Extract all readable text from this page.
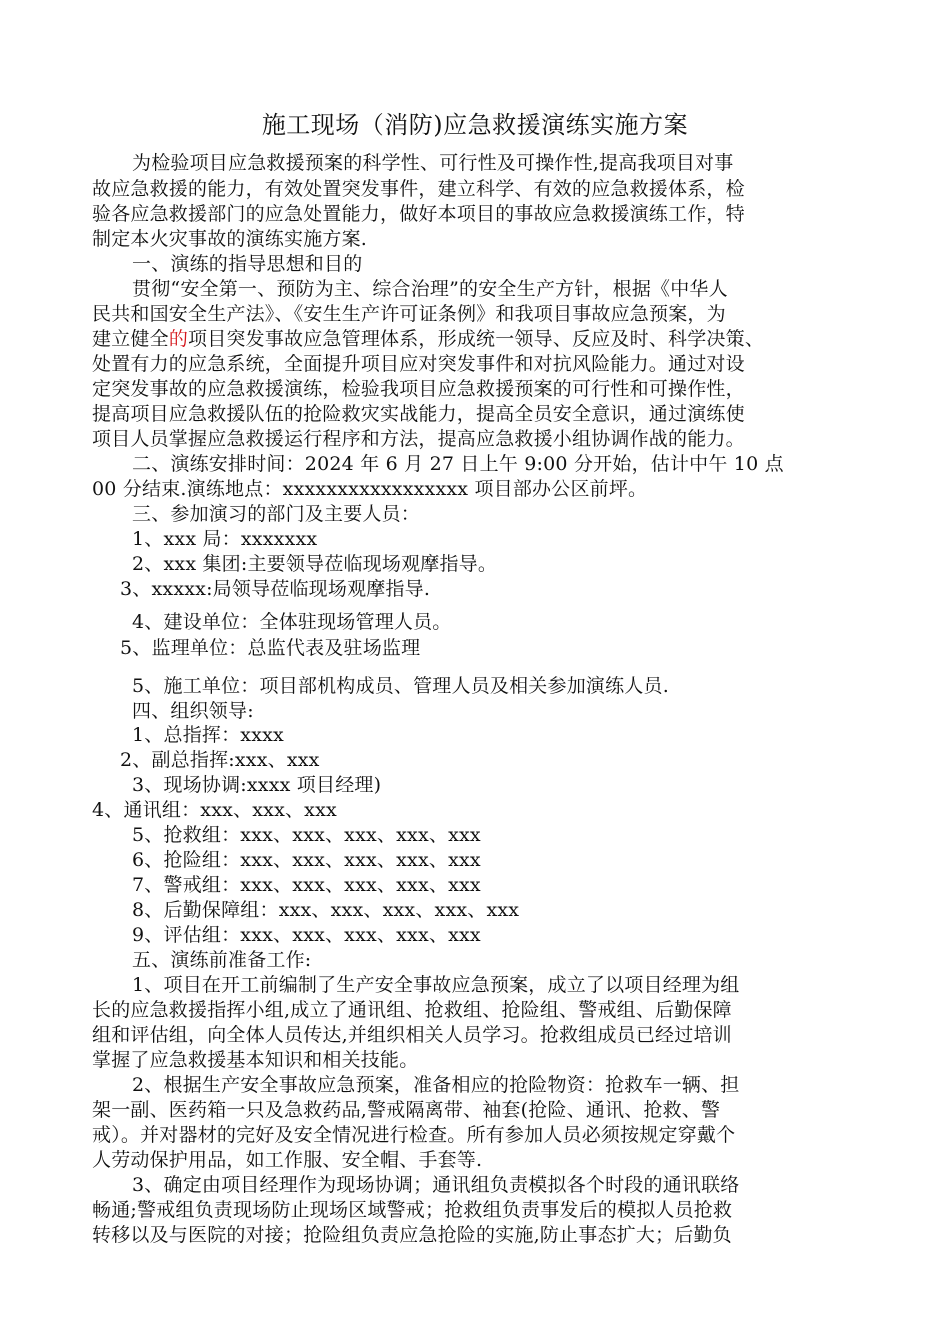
施工现场（消防)应急救援演练实施方案
为检验项目应急救援预案的科学性、可行性及可操作性,提高我项目对事
故应急救援的能力，有效处置突发事件，建立科学、有效的应急救援体系，检
验各应急救援部门的应急处置能力，做好本项目的事故应急救援演练工作，特
制定本火灾事故的演练实施方案.
一、演练的指导思想和目的
贯彻“安全第一、预防为主、综合治理”的安全生产方针，根据《中华人
民共和国安全生产法》、《安生生产许可证条例》和我项目事故应急预案，为
建立健全的项目突发事故应急管理体系，形成统一领导、反应及时、科学决策、
处置有力的应急系统，全面提升项目应对突发事件和对抗风险能力。通过对设
定突发事故的应急救援演练，检验我项目应急救援预案的可行性和可操作性，
提高项目应急救援队伍的抢险救灾实战能力，提高全员安全意识，通过演练使
项目人员掌握应急救援运行程序和方法，提高应急救援小组协调作战的能力。
二、演练安排时间：2024 年 6 月 27 日上午 9:00 分开始，估计中午 10 点
00 分结束.演练地点：xxxxxxxxxxxxxxxxx 项目部办公区前坪。
三、参加演习的部门及主要人员：
1、xxx 局：xxxxxxx
2、xxx 集团:主要领导莅临现场观摩指导。
3、xxxxx:局领导莅临现场观摩指导.
4、建设单位：全体驻现场管理人员。
5、监理单位：总监代表及驻场监理
5、施工单位：项目部机构成员、管理人员及相关参加演练人员.
四、组织领导:
1、总指挥：xxxx
2、副总指挥:xxx、xxx
3、现场协调:xxxx 项目经理)
4、通讯组：xxx、xxx、xxx
5、抢救组：xxx、xxx、xxx、xxx、xxx
6、抢险组：xxx、xxx、xxx、xxx、xxx
7、警戒组：xxx、xxx、xxx、xxx、xxx
8、后勤保障组：xxx、xxx、xxx、xxx、xxx
9、评估组：xxx、xxx、xxx、xxx、xxx
五、演练前准备工作:
1、项目在开工前编制了生产安全事故应急预案，成立了以项目经理为组
长的应急救援指挥小组,成立了通讯组、抢救组、抢险组、警戒组、后勤保障
组和评估组，向全体人员传达,并组织相关人员学习。抢救组成员已经过培训
掌握了应急救援基本知识和相关技能。
2、根据生产安全事故应急预案，准备相应的抢险物资：抢救车一辆、担
架一副、医药箱一只及急救药品,警戒隔离带、袖套(抢险、通讯、抢救、警
戒）。并对器材的完好及安全情况进行检查。所有参加人员必须按规定穿戴个
人劳动保护用品，如工作服、安全帽、手套等.
3、确定由项目经理作为现场协调；通讯组负责模拟各个时段的通讯联络
畅通;警戒组负责现场防止现场区域警戒；抢救组负责事发后的模拟人员抢救
转移以及与医院的对接；抢险组负责应急抢险的实施,防止事态扩大；后勤负
